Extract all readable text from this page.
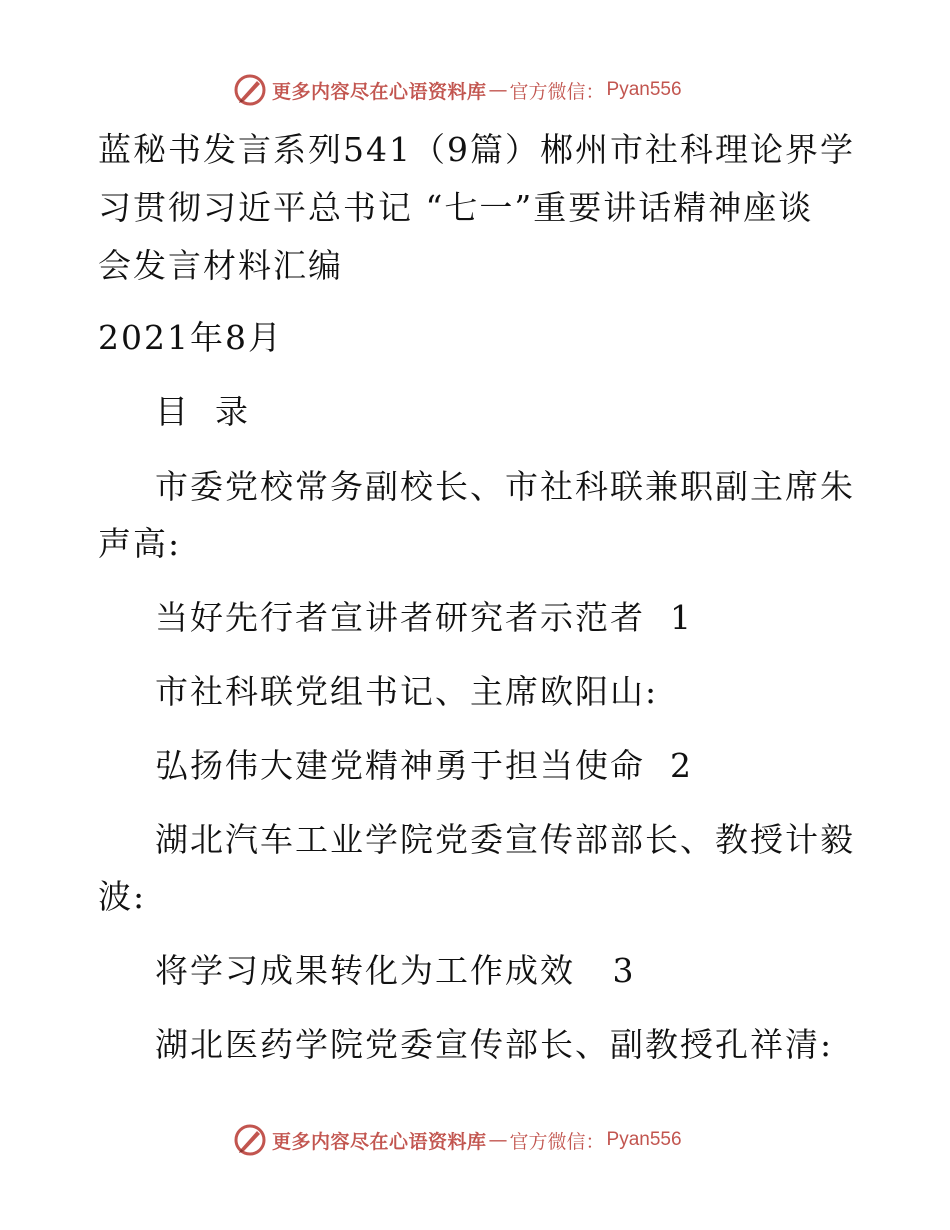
更多内容尽在心语资料库 — 官方微信 ： Pyan556
蓝秘书发言系列541（9篇）郴州市社科理论界学
习贯彻习近平总书记 “七一”重要讲话精神座谈
会发言材料汇编
2021年8月
目  录
市委党校常务副校长、市社科联兼职副主席朱
声高:
当好先行者宣讲者研究者示范者  1
市社科联党组书记、主席欧阳山:
弘扬伟大建党精神勇于担当使命  2
湖北汽车工业学院党委宣传部部长、教授计毅
波:
将学习成果转化为工作成效   3
湖北医药学院党委宣传部长、副教授孔祥清:
更多内容尽在心语资料库 — 官方微信 ： Pyan556
